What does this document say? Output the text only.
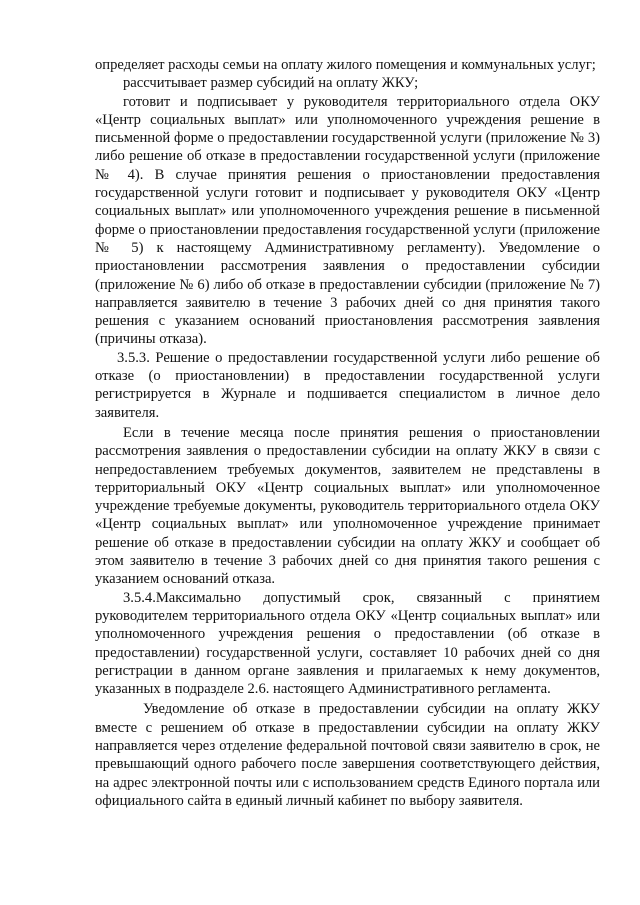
определяет расходы семьи на оплату жилого помещения и коммунальных услуг;

рассчитывает размер субсидий на оплату ЖКУ;

готовит и подписывает у руководителя территориального отдела ОКУ «Центр социальных выплат» или уполномоченного учреждения решение в письменной форме о предоставлении государственной услуги (приложение № 3) либо решение об отказе в предоставлении государственной услуги (приложение № 4). В случае принятия решения о приостановлении предоставления государственной услуги готовит и подписывает у руководителя ОКУ «Центр социальных выплат» или уполномоченного учреждения решение в письменной форме о приостановлении предоставления государственной услуги (приложение № 5) к настоящему Административному регламенту). Уведомление о приостановлении рассмотрения заявления о предоставлении субсидии (приложение № 6) либо об отказе в предоставлении субсидии (приложение № 7) направляется заявителю в течение 3 рабочих дней со дня принятия такого решения с указанием оснований приостановления рассмотрения заявления (причины отказа).

3.5.3. Решение о предоставлении государственной услуги либо решение об отказе (о приостановлении) в предоставлении государственной услуги регистрируется в Журнале и подшивается специалистом в личное дело заявителя.

Если в течение месяца после принятия решения о приостановлении рассмотрения заявления о предоставлении субсидии на оплату ЖКУ в связи с непредоставлением требуемых документов, заявителем не представлены в территориальный ОКУ «Центр социальных выплат» или уполномоченное учреждение требуемые документы, руководитель территориального отдела ОКУ «Центр социальных выплат» или уполномоченное учреждение принимает решение об отказе в предоставлении субсидии на оплату ЖКУ и сообщает об этом заявителю в течение 3 рабочих дней со дня принятия такого решения с указанием оснований отказа.

3.5.4.Максимально допустимый срок, связанный с принятием руководителем территориального отдела ОКУ «Центр социальных выплат» или уполномоченного учреждения решения о предоставлении (об отказе в предоставлении) государственной услуги, составляет 10 рабочих дней со дня регистрации в данном органе заявления и прилагаемых к нему документов, указанных в подразделе 2.6. настоящего Административного регламента.

Уведомление об отказе в предоставлении субсидии на оплату ЖКУ вместе с решением об отказе в предоставлении субсидии на оплату ЖКУ направляется через отделение федеральной почтовой связи заявителю в срок, не превышающий одного рабочего после завершения соответствующего действия, на адрес электронной почты или с использованием средств Единого портала или официального сайта в единый личный кабинет по выбору заявителя.
